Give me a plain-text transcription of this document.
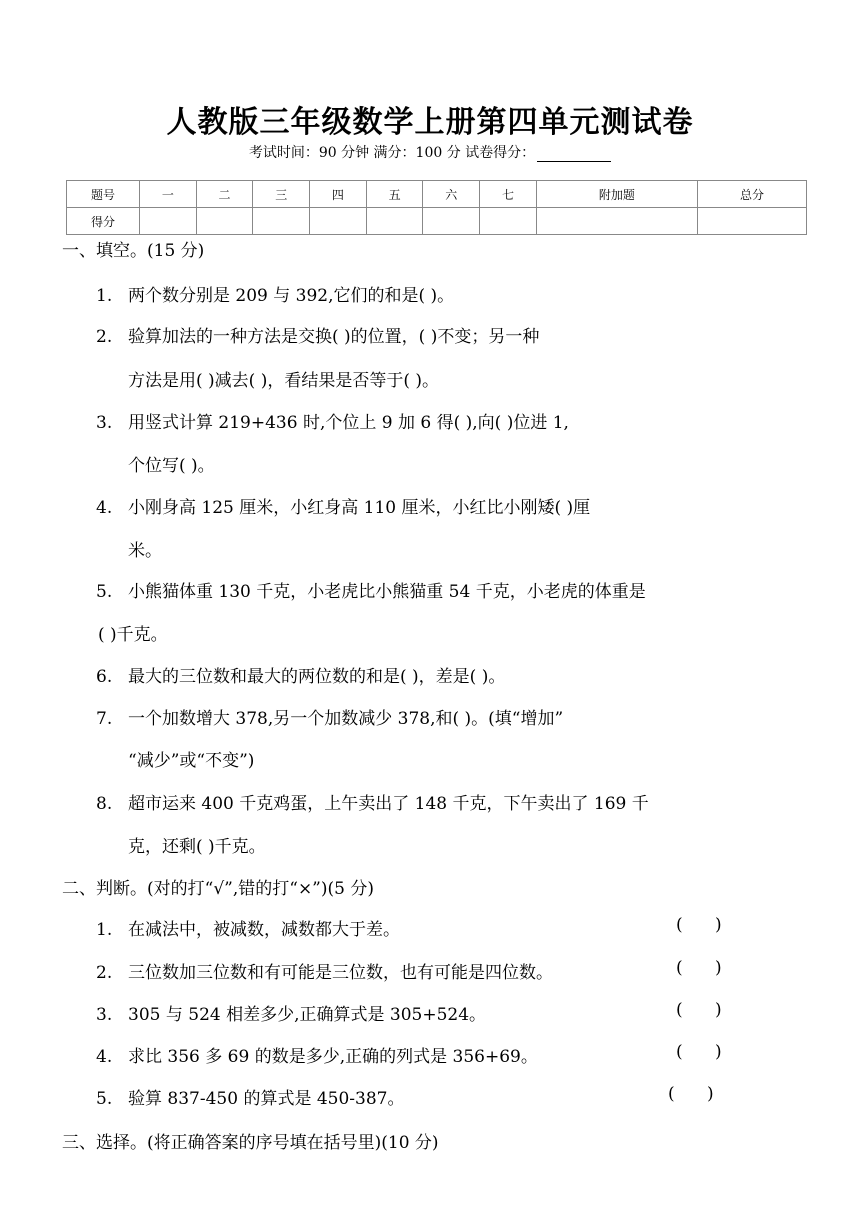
人教版三年级数学上册第四单元测试卷
考试时间：90 分钟 满分：100 分 试卷得分：
题号	一	二	三	四	五	六	七	附加题	总分
得分									
一、填空。(15 分)
1. 两个数分别是 209 与 392,它们的和是( )。
2. 验算加法的一种方法是交换( )的位置，( )不变；另一种
方法是用( )减去( )，看结果是否等于( )。
3. 用竖式计算 219+436 时,个位上 9 加 6 得( ),向( )位进 1,
个位写( )。
4. 小刚身高 125 厘米，小红身高 110 厘米，小红比小刚矮( )厘
米。
5. 小熊猫体重 130 千克，小老虎比小熊猫重 54 千克，小老虎的体重是
( )千克。
6. 最大的三位数和最大的两位数的和是( )，差是( )。
7. 一个加数增大 378,另一个加数减少 378,和( )。(填“增加”
“减少”或“不变”)
8. 超市运来 400 千克鸡蛋，上午卖出了 148 千克，下午卖出了 169 千
克，还剩( )千克。
二、判断。(对的打“√”,错的打“×”)(5 分)
1. 在减法中，被减数，减数都大于差。	(      )
2. 三位数加三位数和有可能是三位数，也有可能是四位数。	(      )
3. 305 与 524 相差多少,正确算式是 305+524。	(      )
4. 求比 356 多 69 的数是多少,正确的列式是 356+69。	(      )
5. 验算 837-450 的算式是 450-387。	(      )
三、选择。(将正确答案的序号填在括号里)(10 分)
